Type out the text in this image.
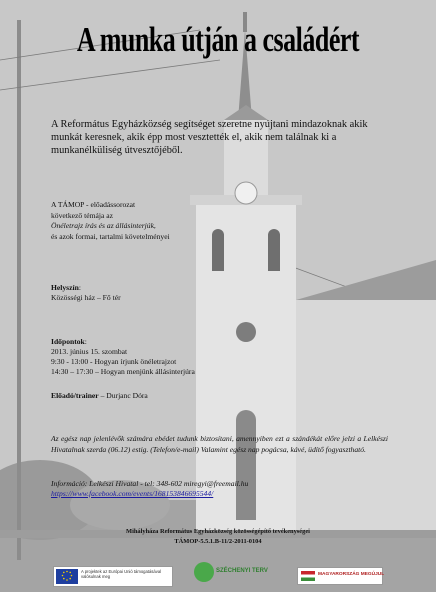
A munka útján a családért
A Református Egyházközség segítséget szeretne nyújtani mindazoknak akik munkát keresnek, akik épp most vesztették el, akik nem találnak ki a munkanélküliség útvesztőjéből.
A TÁMOP - előadássorozat
következő témája az
Önéletrajz írás és az állásinterjúk,
és azok formai, tartalmi követelményei
Helyszín:
Közösségi ház – Fő tér
Időpontok:
2013. június 15. szombat
9:30 - 13:00 - Hogyan írjunk önéletrajzot
14:30 – 17:30 – Hogyan menjünk állásinterjúra
Előadó/trainer – Durjanc Dóra
Az egész nap jelenlévők számára ebédet tudunk biztosítani, amennyiben ezt a szándékát előre jelzi a Lelkészi Hivatalnak szerda (06.12) estig. (Telefon/e-mail) Valamint egész nap pogácsa, kávé, üdítő fogyasztható.
Információ: Lelkészi Hivatal - tel: 348-602 miregyi@freemail.hu
https://www.facebook.com/events/168153846695544/
Mihályháza Református Egyházközség közösségépítő tevékenységei
TÁMOP-5.5.1.B-11/2-2011-0104
A projektek az Európai Unió támogatásával valósulnak meg
SZÉCHENYI TERV
MAGYARORSZÁG MEGÚJUL
